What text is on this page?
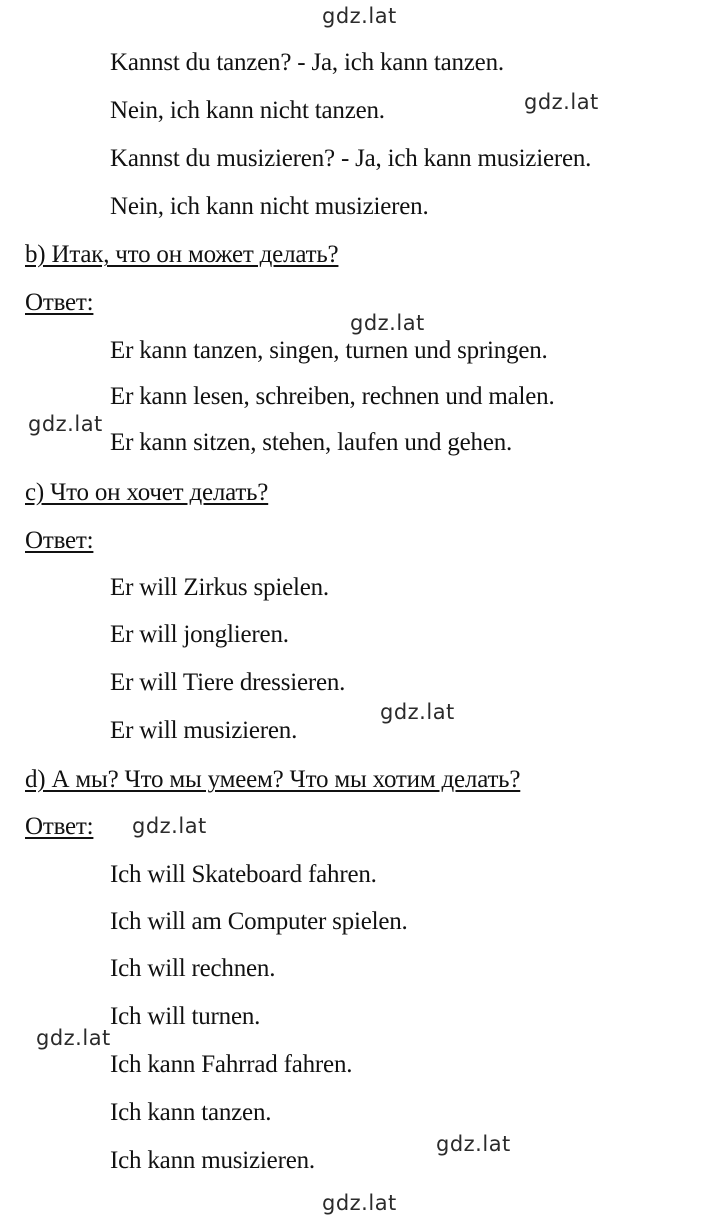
gdz.lat
gdz.lat
gdz.lat
gdz.lat
gdz.lat
gdz.lat
gdz.lat
gdz.lat
gdz.lat
Kannst du tanzen? - Ja, ich kann tanzen.
Nein, ich kann nicht tanzen.
Kannst du musizieren? - Ja, ich kann musizieren.
Nein, ich kann nicht musizieren.
b) Итак, что он может делать?
Ответ:
Er kann tanzen, singen, turnen und springen.
Er kann lesen, schreiben, rechnen und malen.
Er kann sitzen, stehen, laufen und gehen.
c) Что он хочет делать?
Ответ:
Er will Zirkus spielen.
Er will jonglieren.
Er will Tiere dressieren.
Er will musizieren.
d) А мы? Что мы умеем? Что мы хотим делать?
Ответ:
Ich will Skateboard fahren.
Ich will am Computer spielen.
Ich will rechnen.
Ich will turnen.
Ich kann Fahrrad fahren.
Ich kann tanzen.
Ich kann musizieren.
